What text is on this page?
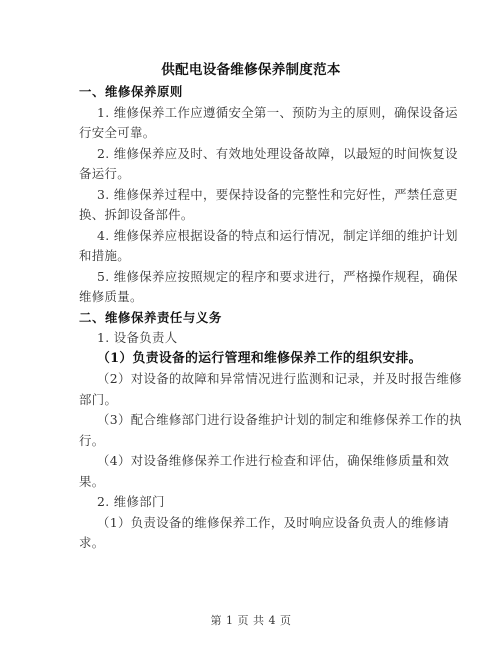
供配电设备维修保养制度范本
一、维修保养原则
1. 维修保养工作应遵循安全第一、预防为主的原则，确保设备运
行安全可靠。
2. 维修保养应及时、有效地处理设备故障，以最短的时间恢复设
备运行。
3. 维修保养过程中，要保持设备的完整性和完好性，严禁任意更
换、拆卸设备部件。
4. 维修保养应根据设备的特点和运行情况，制定详细的维护计划
和措施。
5. 维修保养应按照规定的程序和要求进行，严格操作规程，确保
维修质量。
二、维修保养责任与义务
1. 设备负责人
（1）负责设备的运行管理和维修保养工作的组织安排。
（2）对设备的故障和异常情况进行监测和记录，并及时报告维修
部门。
（3）配合维修部门进行设备维护计划的制定和维修保养工作的执
行。
（4）对设备维修保养工作进行检查和评估，确保维修质量和效
果。
2. 维修部门
（1）负责设备的维修保养工作，及时响应设备负责人的维修请
求。
第 1 页 共 4 页
